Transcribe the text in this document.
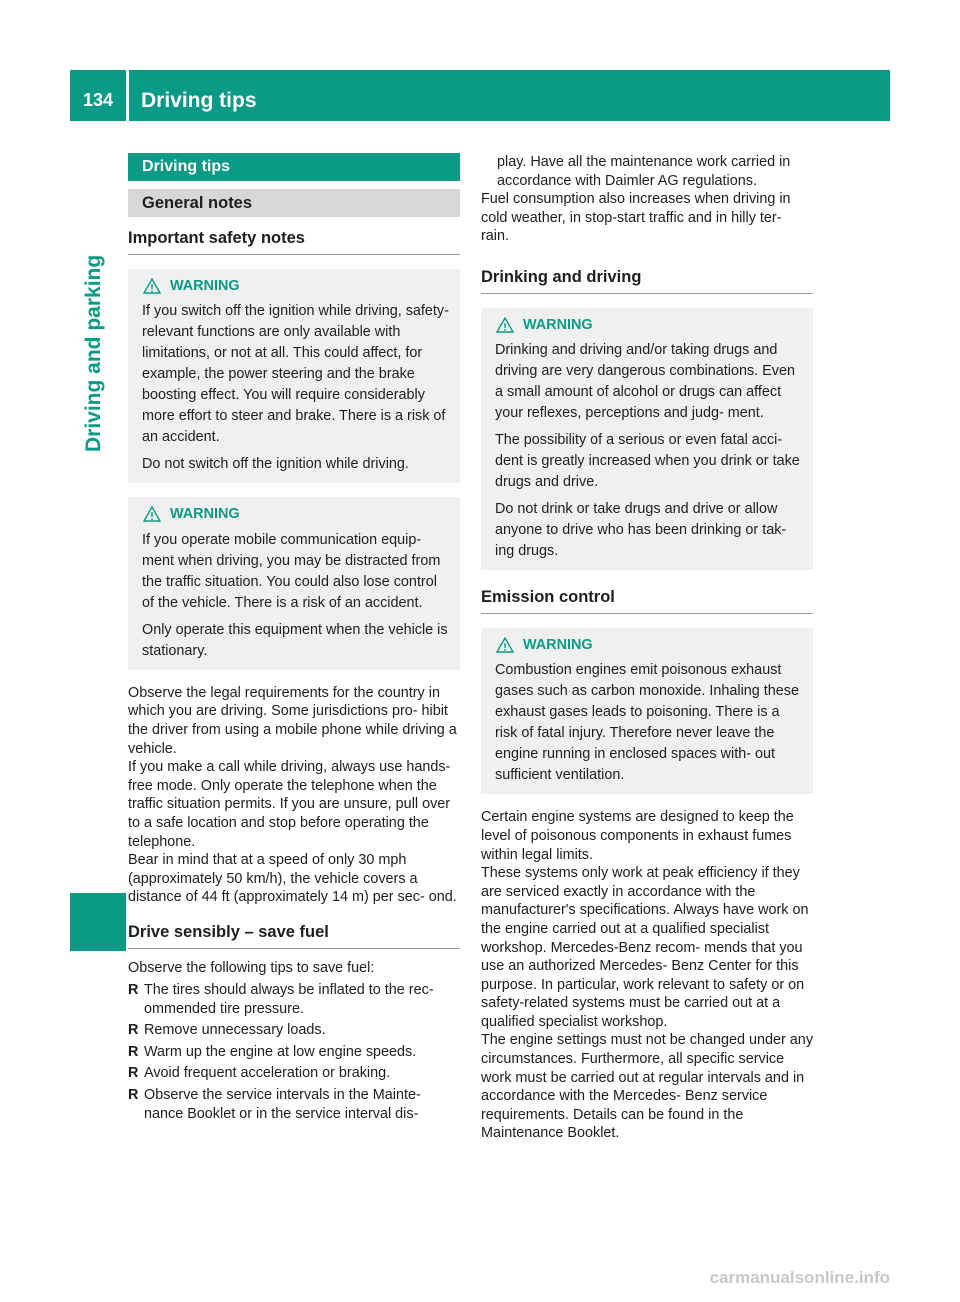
134	Driving tips
Driving and parking
Driving tips
General notes
Important safety notes
WARNING

If you switch off the ignition while driving, safety-relevant functions are only available with limitations, or not at all. This could affect, for example, the power steering and the brake boosting effect. You will require considerably more effort to steer and brake. There is a risk of an accident.

Do not switch off the ignition while driving.

WARNING

If you operate mobile communication equip- ment when driving, you may be distracted from the traffic situation. You could also lose control of the vehicle. There is a risk of an accident.

Only operate this equipment when the vehicle is stationary.

Observe the legal requirements for the country in which you are driving. Some jurisdictions pro- hibit the driver from using a mobile phone while driving a vehicle.

If you make a call while driving, always use hands-free mode. Only operate the telephone when the traffic situation permits. If you are unsure, pull over to a safe location and stop before operating the telephone.

Bear in mind that at a speed of only 30 mph (approximately 50 km/h), the vehicle covers a distance of 44 ft (approximately 14 m) per sec- ond.

Drive sensibly – save fuel

Observe the following tips to save fuel:

R The tires should always be inflated to the rec- ommended tire pressure.
R Remove unnecessary loads.
R Warm up the engine at low engine speeds.
R Avoid frequent acceleration or braking.
R Observe the service intervals in the Mainte- nance Booklet or in the service interval dis-

play. Have all the maintenance work carried in accordance with Daimler AG regulations.

Fuel consumption also increases when driving in cold weather, in stop-start traffic and in hilly ter- rain.

Drinking and driving
WARNING

Drinking and driving and/or taking drugs and driving are very dangerous combinations. Even a small amount of alcohol or drugs can affect your reflexes, perceptions and judg- ment.

The possibility of a serious or even fatal acci- dent is greatly increased when you drink or take drugs and drive.

Do not drink or take drugs and drive or allow anyone to drive who has been drinking or tak- ing drugs.

Emission control
WARNING

Combustion engines emit poisonous exhaust gases such as carbon monoxide. Inhaling these exhaust gases leads to poisoning. There is a risk of fatal injury. Therefore never leave the engine running in enclosed spaces with- out sufficient ventilation.

Certain engine systems are designed to keep the level of poisonous components in exhaust fumes within legal limits.

These systems only work at peak efficiency if they are serviced exactly in accordance with the manufacturer's specifications. Always have work on the engine carried out at a qualified specialist workshop. Mercedes-Benz recom- mends that you use an authorized Mercedes- Benz Center for this purpose. In particular, work relevant to safety or on safety-related systems must be carried out at a qualified specialist workshop.

The engine settings must not be changed under any circumstances. Furthermore, all specific service work must be carried out at regular intervals and in accordance with the Mercedes- Benz service requirements. Details can be found in the Maintenance Booklet.

carmanualsonline.info
